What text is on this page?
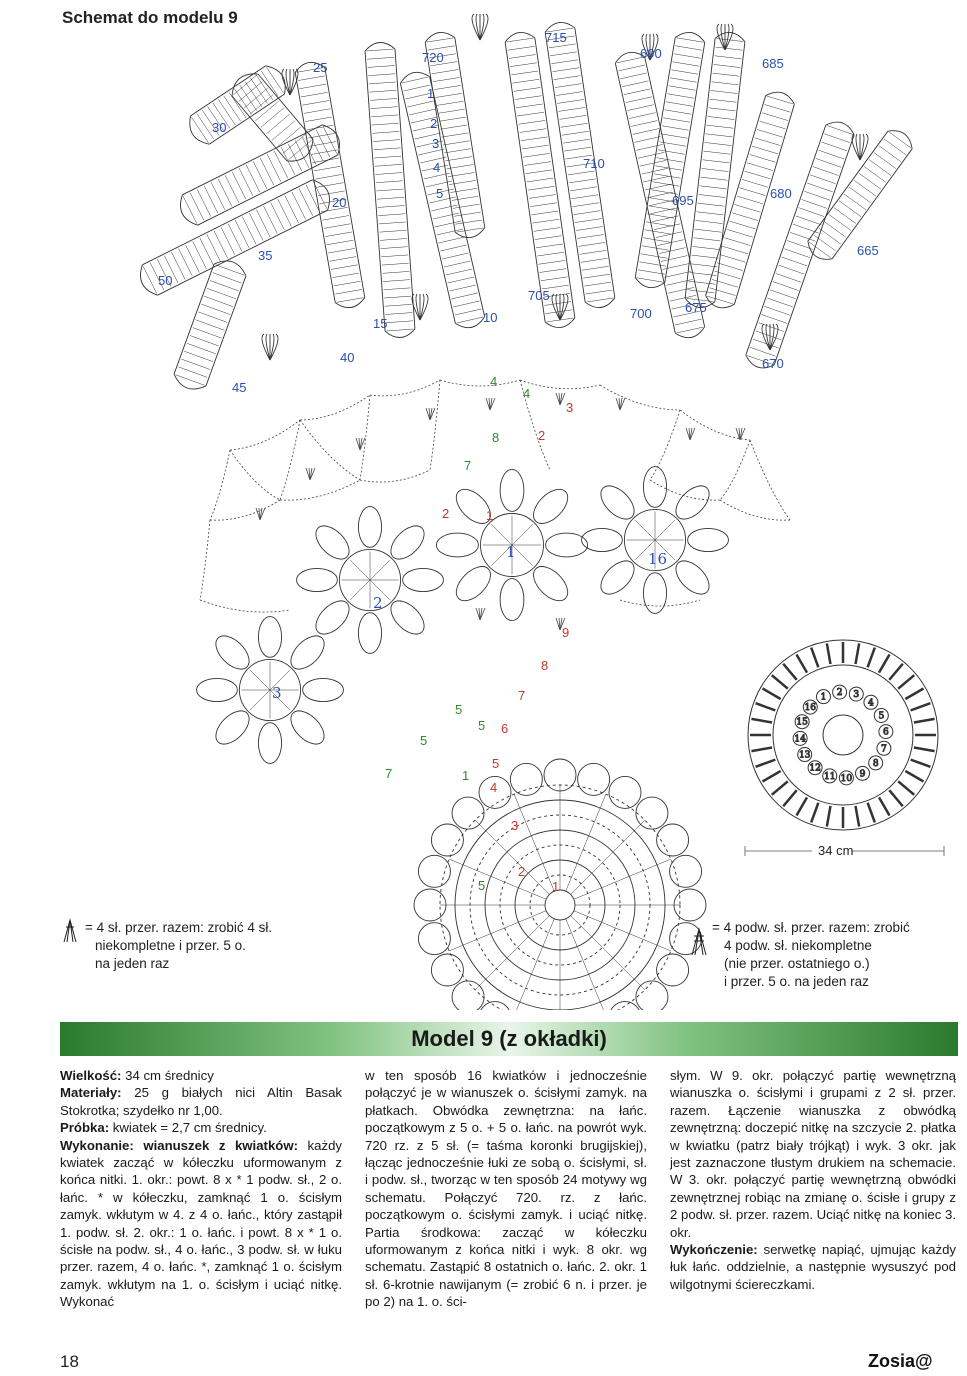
Schemat do modelu 9
1 2 3
4
5
6
7
8
9
10
11
12
13
14
15
16
25
30
720
715
690
685
1
2
3
4
5
710
20
35
695	680
665
50
705
10
15
700	675
40
45
670
4
4
8
7
5
5
5
7	1
5
3
2
2	1
9
8
7
6
5
4
3
2
1
1
2
3
16
34 cm
= 4 sł. przer. razem: zrobić 4 sł.
niekompletne i przer. 5 o.
na jeden raz
= 4 podw. sł. przer. razem: zrobić
4 podw. sł. niekompletne
(nie przer. ostatniego o.)
i przer. 5 o. na jeden raz
Model 9 (z okładki)

Wielkość: 34 cm średnicy

Materiały: 25 g białych nici Altin Basak Stokrotka; szydełko nr 1,00.

Próbka: kwiatek = 2,7 cm średnicy.

Wykonanie: wianuszek z kwiatków: każdy kwiatek zacząć w kółeczku uformowanym z końca nitki. 1. okr.: powt. 8 x * 1 podw. sł., 2 o. łańc. * w kółeczku, zamknąć 1 o. ścisłym zamyk. wkłutym w 4. z 4 o. łańc., który zastąpił 1. podw. sł. 2. okr.: 1 o. łańc. i powt. 8 x * 1 o. ścisłe na podw. sł., 4 o. łańc., 3 podw. sł. w łuku przer. razem, 4 o. łańc. *, zamknąć 1 o. ścisłym zamyk. wkłutym na 1. o. ścisłym i uciąć nitkę. Wykonać

w ten sposób 16 kwiatków i jednocześnie połączyć je w wianuszek o. ścisłymi zamyk. na płatkach. Obwódka zewnętrzna: na łańc. początkowym z 5 o. + 5 o. łańc. na powrót wyk. 720 rz. z 5 sł. (= taśma koronki brugijskiej), łącząc jednocześnie łuki ze sobą o. ścisłymi, sł. i podw. sł., tworząc w ten sposób 24 motywy wg schematu. Połączyć 720. rz. z łańc. początkowym o. ścisłymi zamyk. i uciąć nitkę. Partia środkowa: zacząć w kółeczku uformowanym z końca nitki i wyk. 8 okr. wg schematu. Zastąpić 8 ostatnich o. łańc. 2. okr. 1 sł. 6-krotnie nawijanym (= zrobić 6 n. i przer. je po 2) na 1. o. ści-

słym. W 9. okr. połączyć partię wewnętrzną wianuszka o. ścisłymi i grupami z 2 sł. przer. razem. Łączenie wianuszka z obwódką zewnętrzną: doczepić nitkę na szczycie 2. płatka w kwiatku (patrz biały trójkąt) i wyk. 3 okr. jak jest zaznaczone tłustym drukiem na schemacie. W 3. okr. połączyć partię wewnętrzną obwódki zewnętrznej robiąc na zmianę o. ścisłe i grupy z 2 podw. sł. przer. razem. Uciąć nitkę na koniec 3. okr.

Wykończenie: serwetkę napiąć, ujmując każdy łuk łańc. oddzielnie, a następnie wysuszyć pod wilgotnymi ściereczkami.

18	Zosia@
